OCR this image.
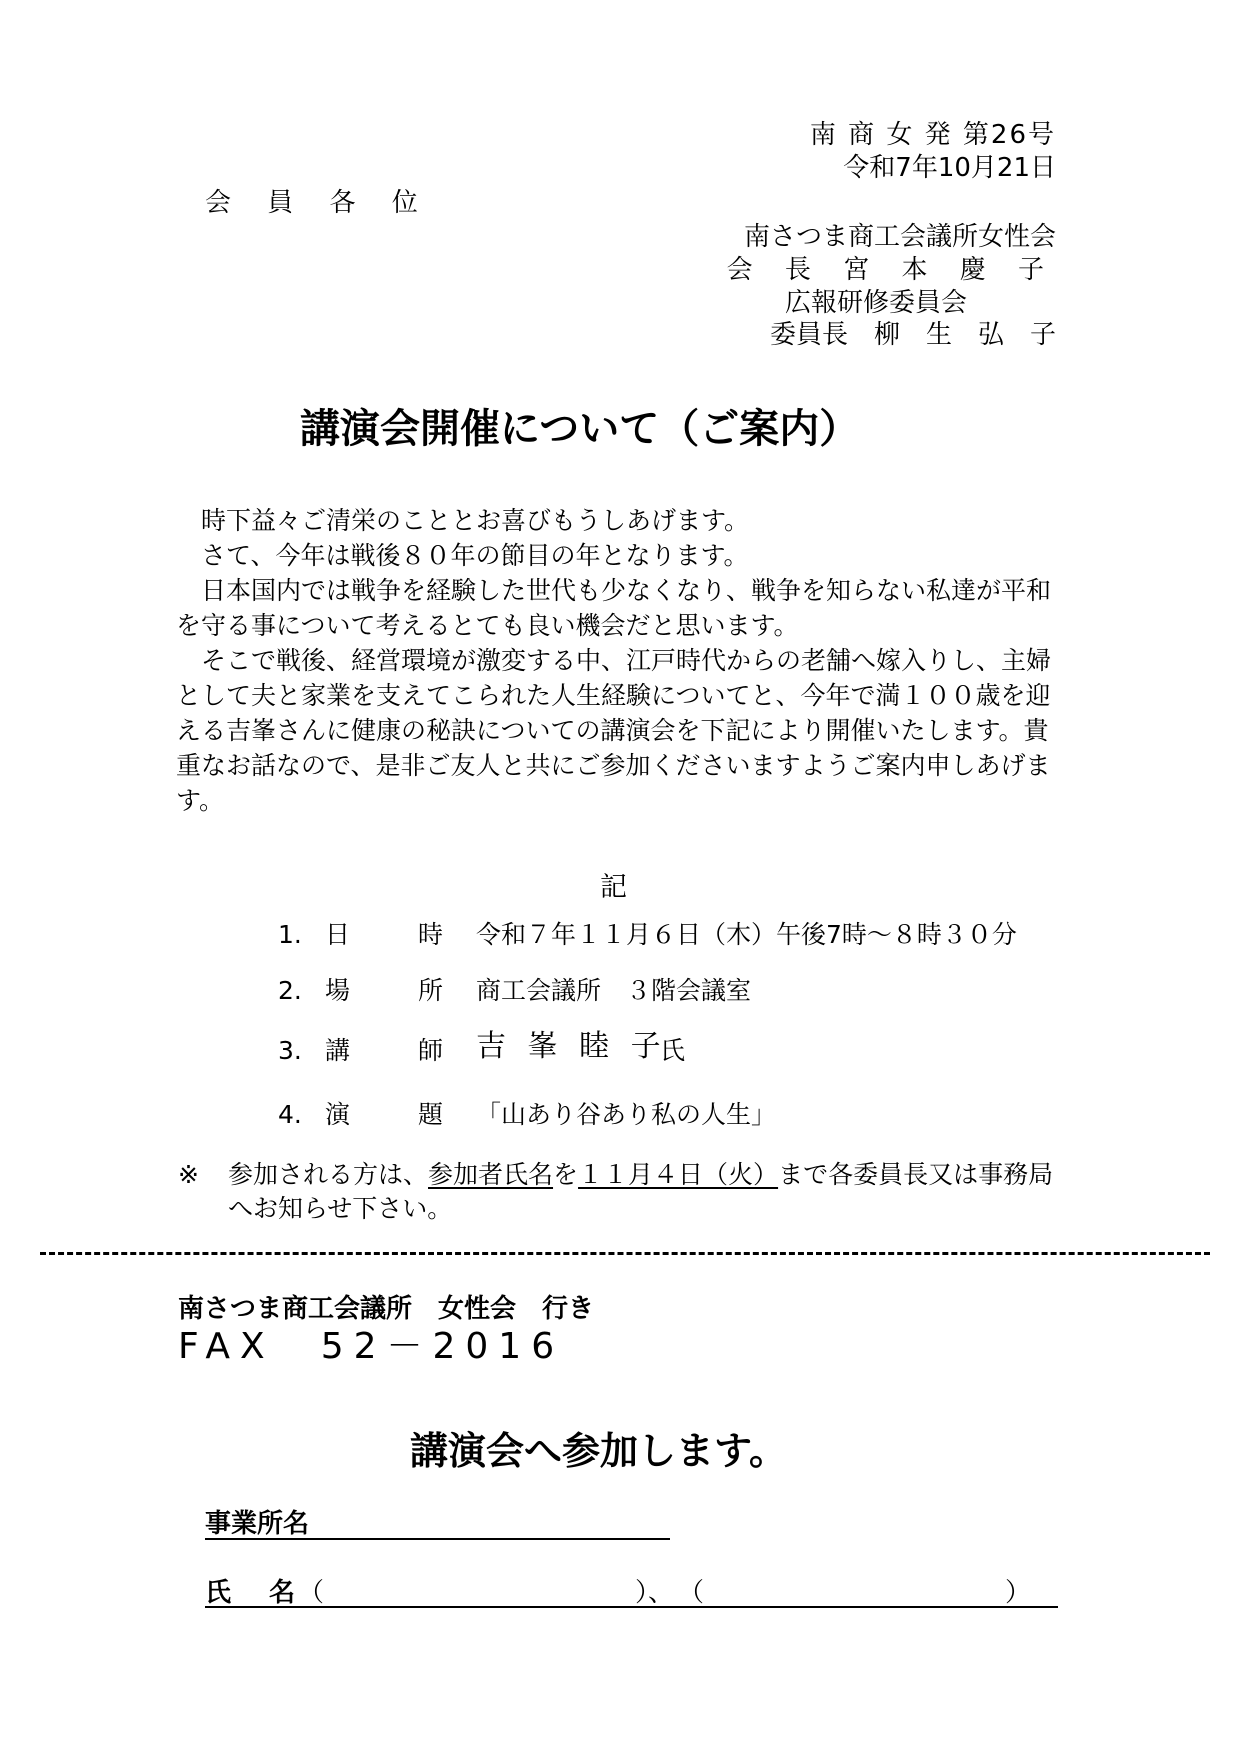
南 商 女 発 第26号
令和7年10月21日
会 員 各 位
南さつま商工会議所女性会
会 長 宮 本 慶 子
広報研修委員会
委員長　柳　生　弘　子
講演会開催について（ご案内）

時下益々ご清栄のこととお喜びもうしあげます。

さて、今年は戦後８０年の節目の年となります。

日本国内では戦争を経験した世代も少なくなり、戦争を知らない私達が平和を守る事について考えるとても良い機会だと思います。

そこで戦後、経営環境が激変する中、江戸時代からの老舗へ嫁入りし、主婦として夫と家業を支えてこられた人生経験についてと、今年で満１００歳を迎える吉峯さんに健康の秘訣についての講演会を下記により開催いたします。貴重なお話なので、是非ご友人と共にご参加くださいますようご案内申しあげます。

記
1. 日　　時 令和７年１１月６日（木）午後7時～８時３０分
2. 場　　所 商工会議所　３階会議室
3. 講　　師 吉 峯 睦 子
氏
4. 演　　題 「山あり谷あり私の人生」
※ 参加される方は、参加者氏名を１１月４日（火）まで各委員長又は事務局
へお知らせ下さい。
南さつま商工会議所　女性会　行き
FAX　52－2016
講演会へ参加します。
事業所名
氏　名
（	）、 （	）
